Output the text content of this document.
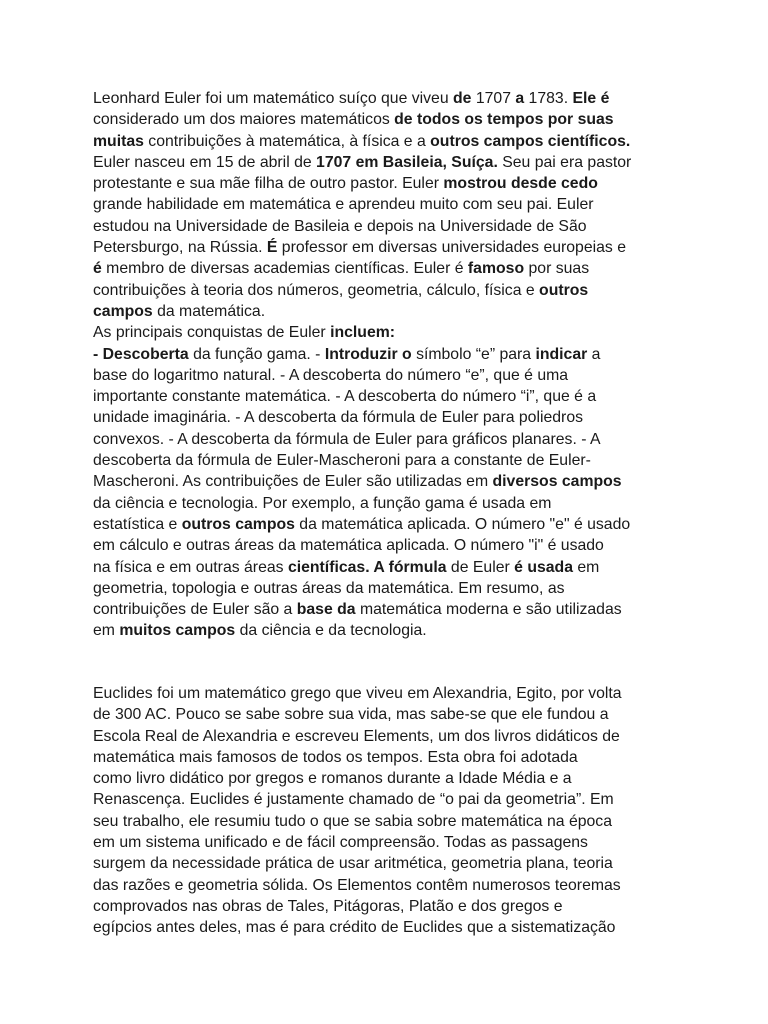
Leonhard Euler foi um matemático suíço que viveu de 1707 a 1783. Ele é
considerado um dos maiores matemáticos de todos os tempos por suas
muitas contribuições à matemática, à física e a outros campos científicos.
Euler nasceu em 15 de abril de 1707 em Basileia, Suíça. Seu pai era pastor
protestante e sua mãe filha de outro pastor. Euler mostrou desde cedo
grande habilidade em matemática e aprendeu muito com seu pai. Euler
estudou na Universidade de Basileia e depois na Universidade de São
Petersburgo, na Rússia. É professor em diversas universidades europeias e
é membro de diversas academias científicas. Euler é famoso por suas
contribuições à teoria dos números, geometria, cálculo, física e outros
campos da matemática.
As principais conquistas de Euler incluem:
- Descoberta da função gama. - Introduzir o símbolo “e” para indicar a
base do logaritmo natural. - A descoberta do número “e”, que é uma
importante constante matemática. - A descoberta do número “i”, que é a
unidade imaginária. - A descoberta da fórmula de Euler para poliedros
convexos. - A descoberta da fórmula de Euler para gráficos planares. - A
descoberta da fórmula de Euler-Mascheroni para a constante de Euler-
Mascheroni. As contribuições de Euler são utilizadas em diversos campos
da ciência e tecnologia. Por exemplo, a função gama é usada em
estatística e outros campos da matemática aplicada. O número "e" é usado
em cálculo e outras áreas da matemática aplicada. O número "i" é usado
na física e em outras áreas científicas. A fórmula de Euler é usada em
geometria, topologia e outras áreas da matemática. Em resumo, as
contribuições de Euler são a base da matemática moderna e são utilizadas
em muitos campos da ciência e da tecnologia.
Euclides foi um matemático grego que viveu em Alexandria, Egito, por volta
de 300 AC. Pouco se sabe sobre sua vida, mas sabe-se que ele fundou a
Escola Real de Alexandria e escreveu Elements, um dos livros didáticos de
matemática mais famosos de todos os tempos. Esta obra foi adotada
como livro didático por gregos e romanos durante a Idade Média e a
Renascença. Euclides é justamente chamado de “o pai da geometria”. Em
seu trabalho, ele resumiu tudo o que se sabia sobre matemática na época
em um sistema unificado e de fácil compreensão. Todas as passagens
surgem da necessidade prática de usar aritmética, geometria plana, teoria
das razões e geometria sólida. Os Elementos contêm numerosos teoremas
comprovados nas obras de Tales, Pitágoras, Platão e dos gregos e
egípcios antes deles, mas é para crédito de Euclides que a sistematização
